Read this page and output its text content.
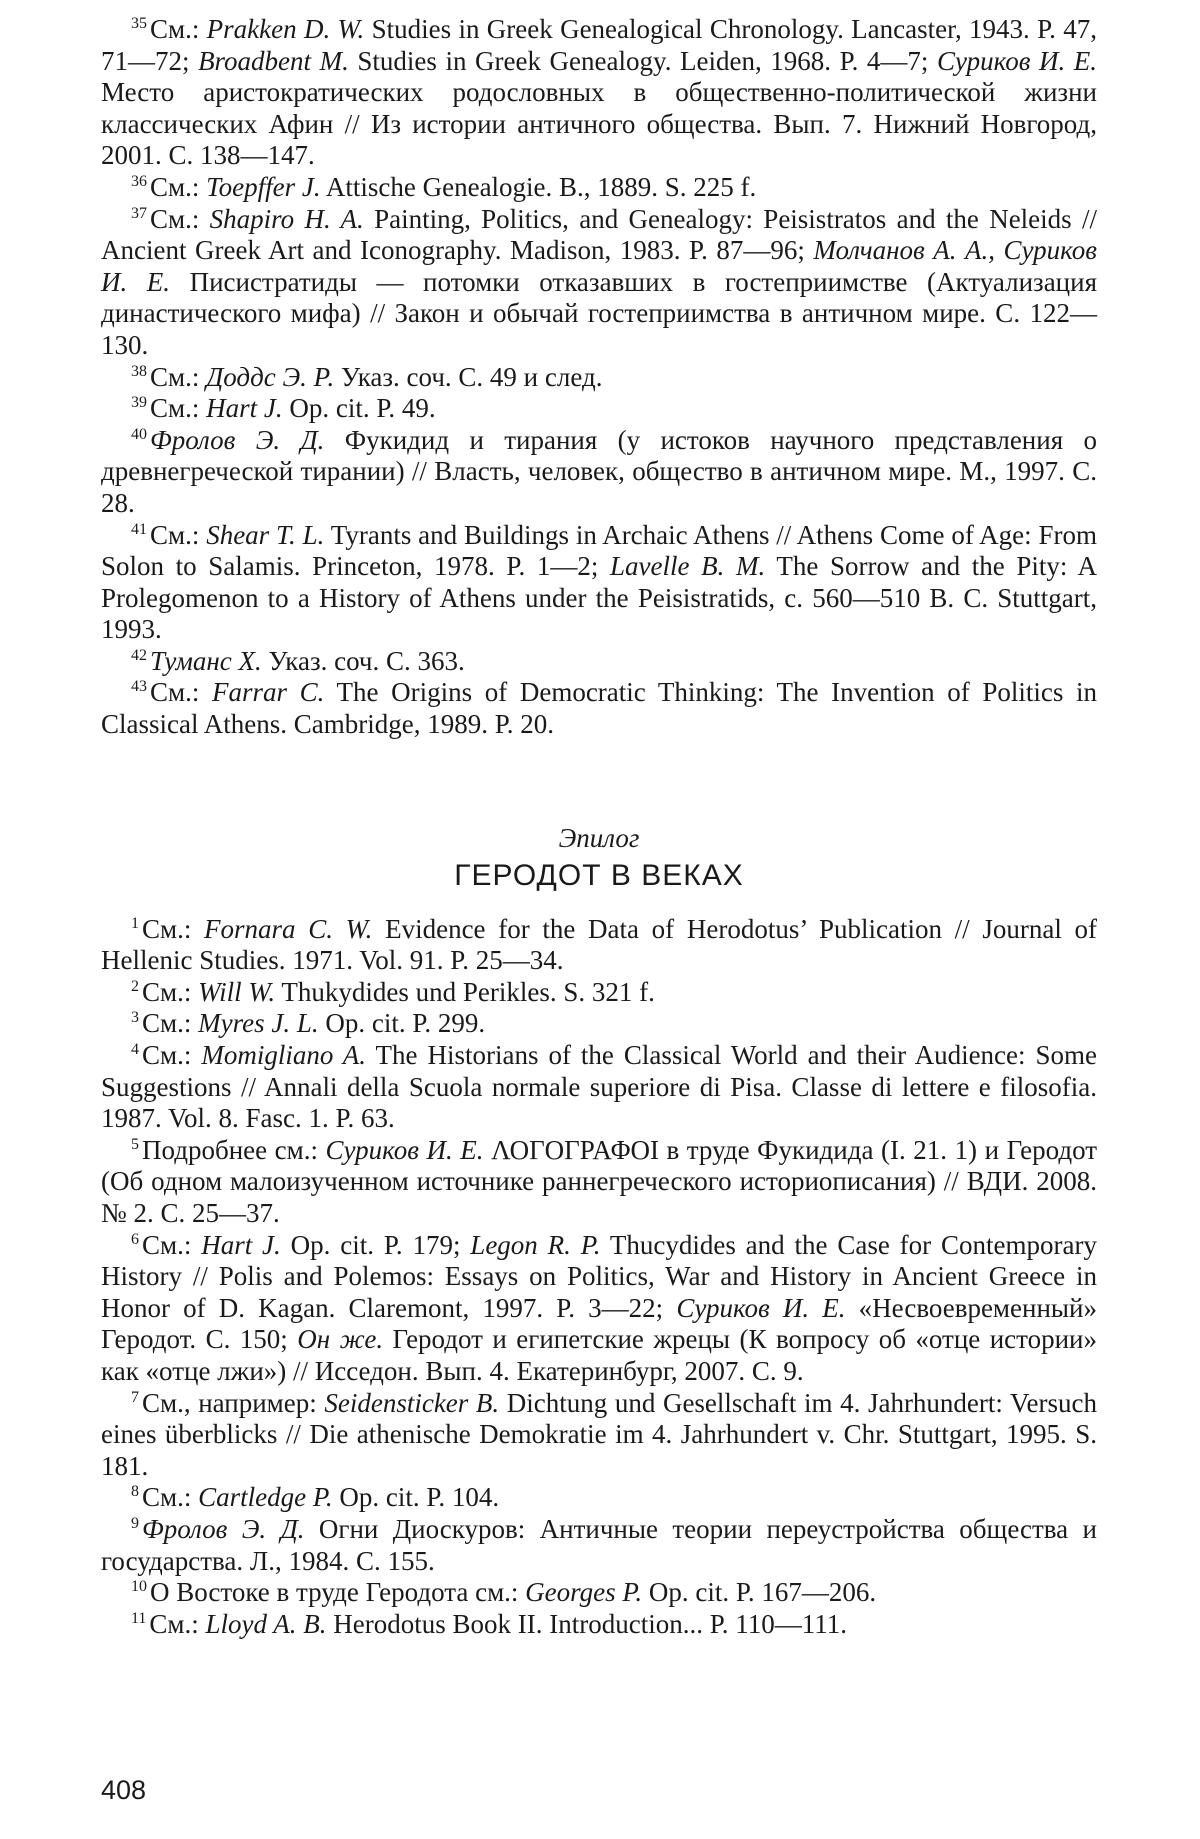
$^{35}$ См.: Prakken D. W. Studies in Greek Genealogical Chronology. Lancaster, 1943. P. 47, 71—72; Broadbent M. Studies in Greek Genealogy. Leiden, 1968. P. 4—7; Суриков И. Е. Место аристократических родословных в общественно-политической жизни классических Афин // Из истории античного общества. Вып. 7. Нижний Новгород, 2001. С. 138—147.

$^{36}$ См.: Toepffer J. Attische Genealogie. B., 1889. S. 225 f.

$^{37}$ См.: Shapiro H. A. Painting, Politics, and Genealogy: Peisistratos and the Neleids // Ancient Greek Art and Iconography. Madison, 1983. P. 87—96; Молчанов А. А., Суриков И. Е. Писистратиды — потомки отказавших в гостеприимстве (Актуализация династического мифа) // Закон и обычай гостеприимства в античном мире. С. 122—130.

$^{38}$ См.: Доддс Э. Р. Указ. соч. С. 49 и след.

$^{39}$ См.: Hart J. Op. cit. P. 49.

$^{40}$ Фролов Э. Д. Фукидид и тирания (у истоков научного представления о древнегреческой тирании) // Власть, человек, общество в античном мире. М., 1997. С. 28.

$^{41}$ См.: Shear T. L. Tyrants and Buildings in Archaic Athens // Athens Come of Age: From Solon to Salamis. Princeton, 1978. P. 1—2; Lavelle B. M. The Sorrow and the Pity: A Prolegomenon to a History of Athens under the Peisistratids, c. 560—510 B. C. Stuttgart, 1993.

$^{42}$ Туманс Х. Указ. соч. С. 363.

$^{43}$ См.: Farrar C. The Origins of Democratic Thinking: The Invention of Politics in Classical Athens. Cambridge, 1989. P. 20.

Эпилог

ГЕРОДОТ В ВЕКАХ

$^1$ См.: Fornara C. W. Evidence for the Data of Herodotus’ Publication // Journal of Hellenic Studies. 1971. Vol. 91. P. 25—34.

$^2$ См.: Will W. Thukydides und Perikles. S. 321 f.

$^3$ См.: Myres J. L. Op. cit. P. 299.

$^4$ См.: Momigliano A. The Historians of the Classical World and their Audience: Some Suggestions // Annali della Scuola normale superiore di Pisa. Classe di lettere e filosofia. 1987. Vol. 8. Fasc. 1. P. 63.

$^5$ Подробнее см.: Суриков И. Е. ΛΟΓΟΓΡΑΦΟΙ в труде Фукидида (I. 21. 1) и Геродот (Об одном малоизученном источнике раннегреческого историописания) // ВДИ. 2008. № 2. С. 25—37.

$^6$ См.: Hart J. Op. cit. P. 179; Legon R. P. Thucydides and the Case for Contemporary History // Polis and Polemos: Essays on Politics, War and History in Ancient Greece in Honor of D. Kagan. Claremont, 1997. P. 3—22; Суриков И. Е. «Несвоевременный» Геродот. С. 150; Он же. Геродот и египетские жрецы (К вопросу об «отце истории» как «отце лжи») // Исседон. Вып. 4. Екатеринбург, 2007. С. 9.

$^7$ См., например: Seidensticker B. Dichtung und Gesellschaft im 4. Jahrhundert: Versuch eines überblicks // Die athenische Demokratie im 4. Jahrhundert v. Chr. Stuttgart, 1995. S. 181.

$^8$ См.: Cartledge P. Op. cit. P. 104.

$^9$ Фролов Э. Д. Огни Диоскуров: Античные теории переустройства общества и государства. Л., 1984. С. 155.

$^{10}$ О Востоке в труде Геродота см.: Georges P. Op. cit. P. 167—206.

$^{11}$ См.: Lloyd A. B. Herodotus Book II. Introduction... P. 110—111.

408
